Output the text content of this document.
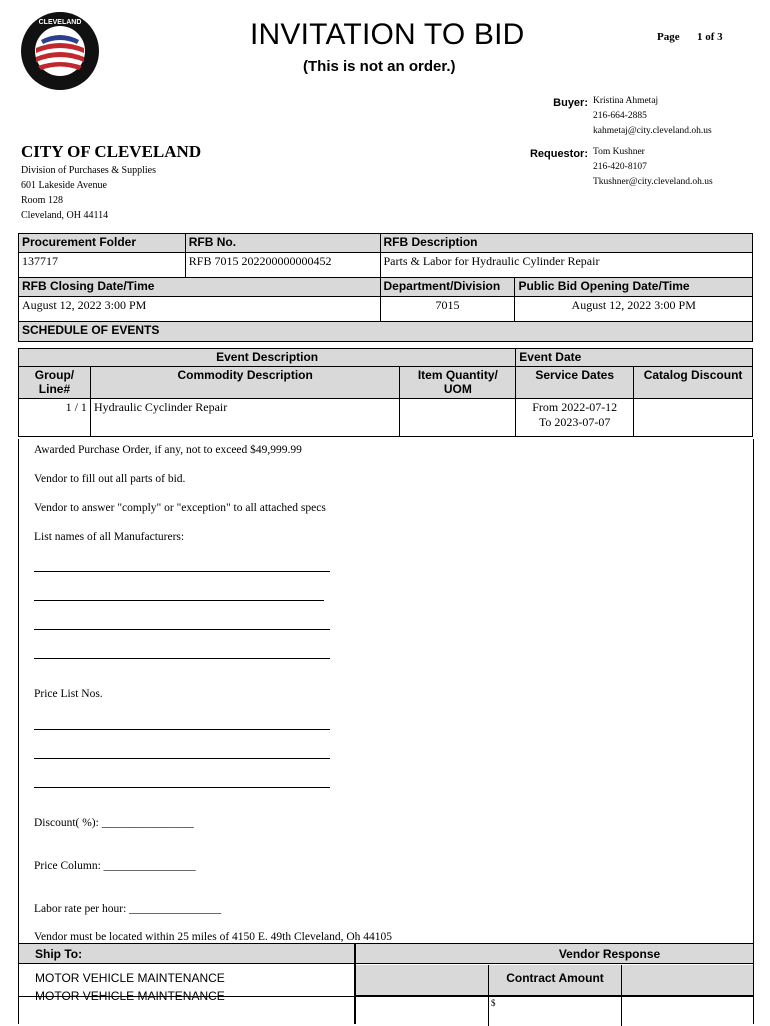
CLEVELAND	INVITATION TO BID
(This is not an order.)
Page 1 of 3
Buyer: Kristina Ahmetaj
216-664-2885
kahmetaj@city.cleveland.oh.us
Requestor: Tom Kushner
216-420-8107
Tkushner@city.cleveland.oh.us
CITY OF CLEVELAND
Division of Purchases & Supplies
601 Lakeside Avenue
Room 128
Cleveland, OH 44114
Procurement Folder	RFB No.	RFB Description	
137717	RFB 7015 202200000000452	Parts & Labor for Hydraulic Cylinder Repair	
RFB Closing Date/Time		Department/Division	Public Bid Opening Date/Time
August 12, 2022 3:00 PM		7015	August 12, 2022 3:00 PM
SCHEDULE OF EVENTS			
Event Description			Event Date	
Group/ Line#	Commodity Description	Item Quantity/ UOM	Service Dates	Catalog Discount
1 / 1	Hydraulic Cyclinder Repair		From 2022-07-12
To 2023-07-07	

Awarded Purchase Order, if any, not to exceed $49,999.99
Vendor to fill out all parts of bid.
Vendor to answer "comply" or "exception" to all attached specs
List names of all Manufacturers:
Price List Nos.
Discount( %): ________________
Price Column: ________________
Labor rate per hour: ________________
Vendor must be located within 25 miles of 4150 E. 49th Cleveland, Oh 44105
Ship To:
MOTOR VEHICLE MAINTENANCE
MOTOR VEHICLE MAINTENANCE
Vendor Response
Contract Amount
$
